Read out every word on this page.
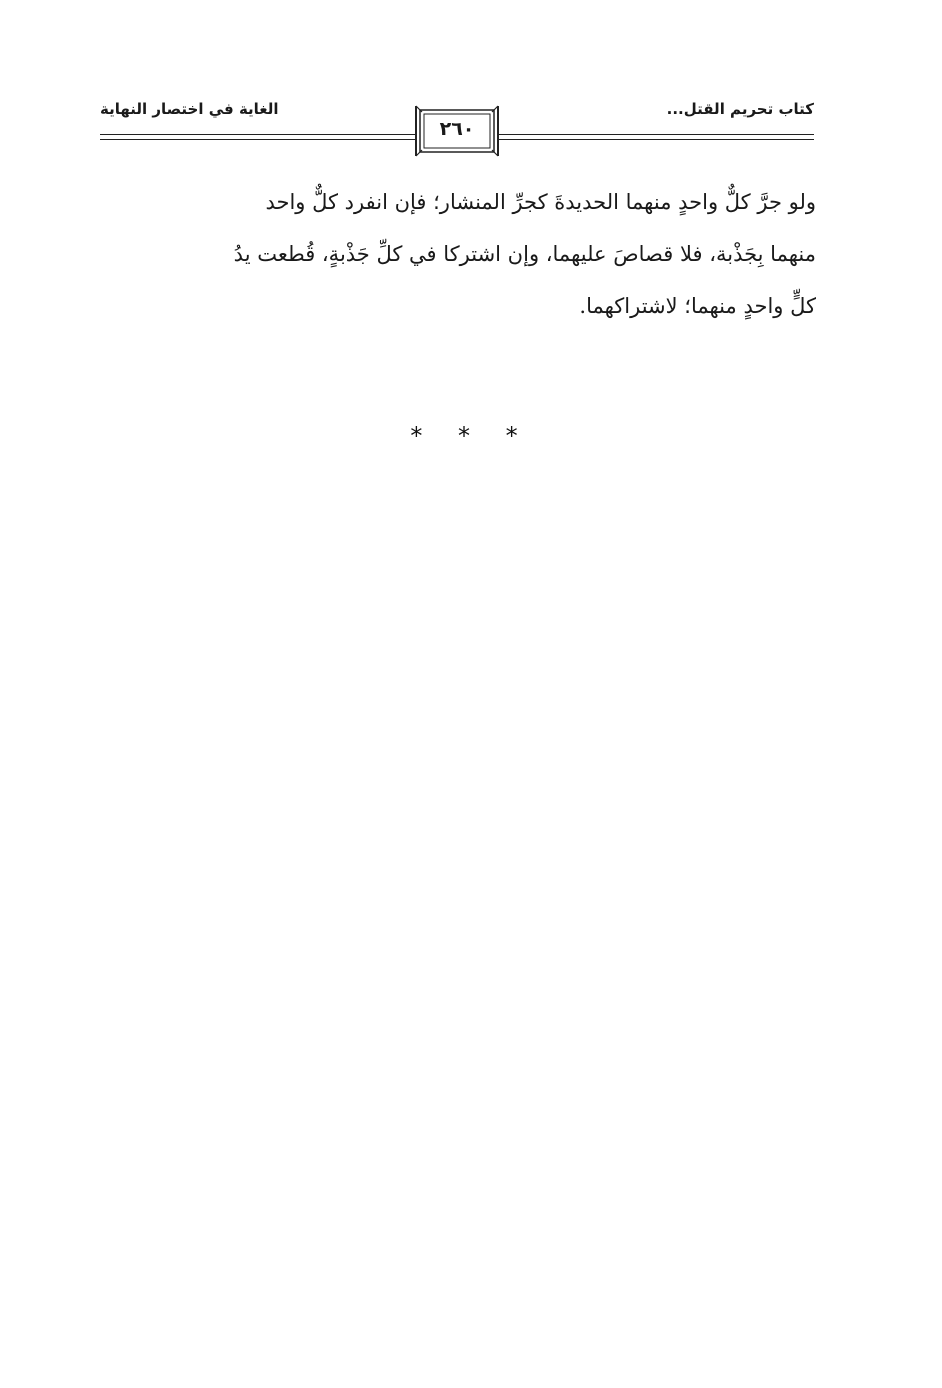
كتاب تحريم القتل...
الغاية في اختصار النهاية
٢٦٠
ولو جرَّ كلٌّ واحدٍ منهما الحديدةَ كجرِّ المنشار؛ فإن انفرد كلٌّ واحد
منهما بِجَذْبة، فلا قصاصَ عليهما، وإن اشتركا في كلِّ جَذْبةٍ، قُطعت يدُ
كلٍّ واحدٍ منهما؛ لاشتراكهما.
* * *
